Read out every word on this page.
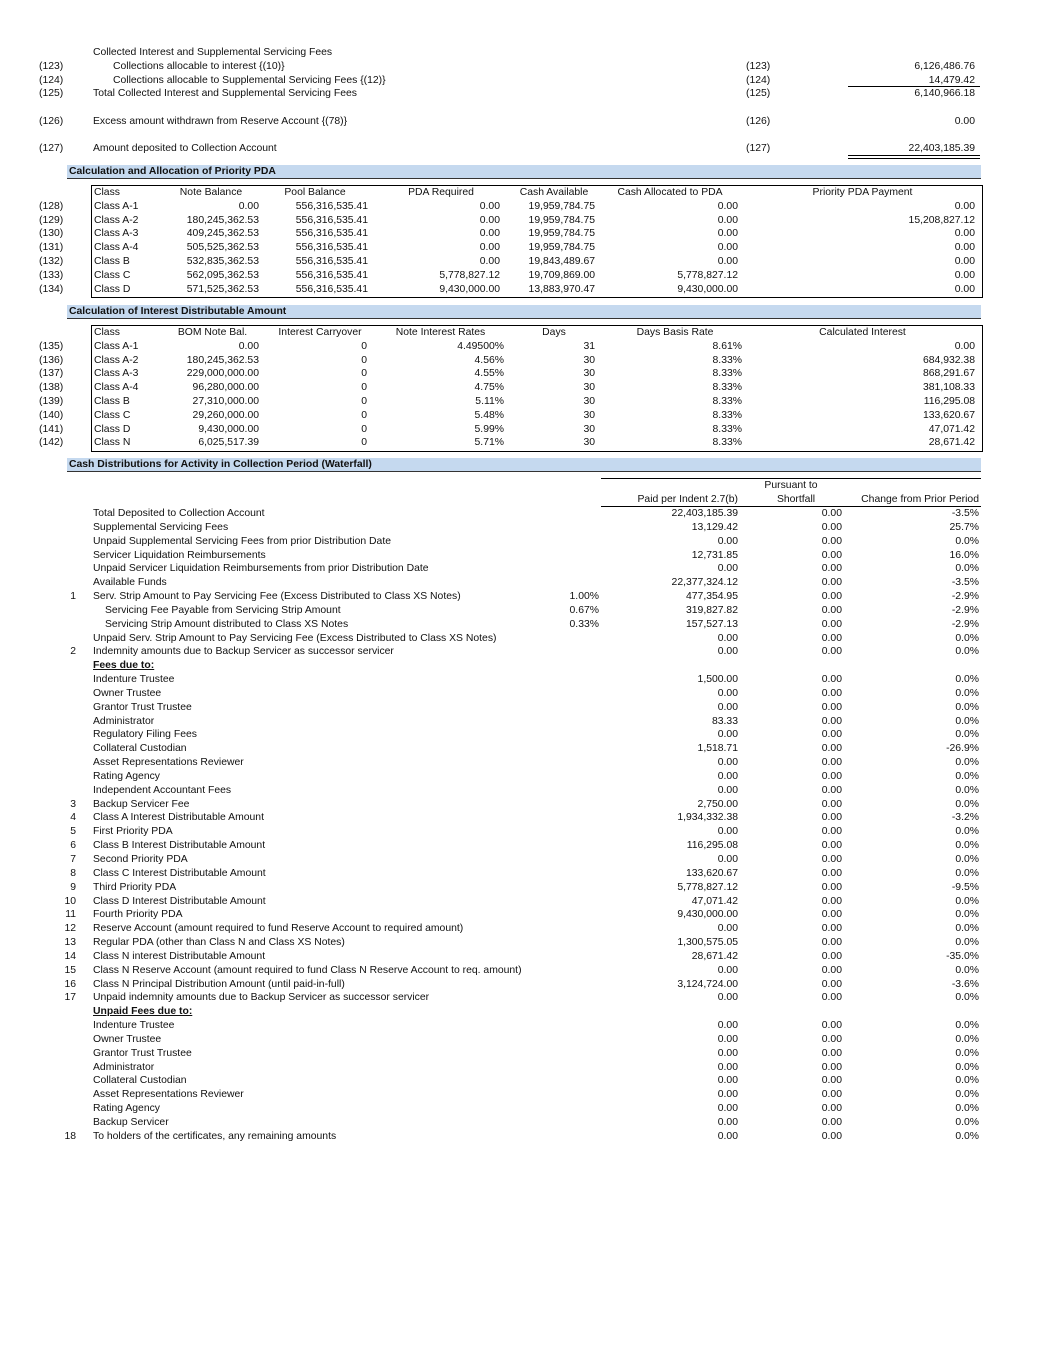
Collected Interest and Supplemental Servicing Fees
(123)	Collections allocable to interest {(10)}	(123)	6,126,486.76
(124)	Collections allocable to Supplemental Servicing Fees {(12)}	(124)	14,479.42
(125)	Total Collected Interest and Supplemental Servicing Fees	(125)	6,140,966.18
(126)	Excess amount withdrawn from Reserve Account {(78)}	(126)	0.00
(127)	Amount deposited to Collection Account	(127)	22,403,185.39
Calculation and Allocation of Priority PDA
Class	Note Balance	Pool Balance	PDA Required	Cash Available	Cash Allocated to PDA	Priority PDA Payment
(128)	Class A-1	0.00	556,316,535.41	0.00	19,959,784.75	0.00	0.00
(129)	Class A-2	180,245,362.53	556,316,535.41	0.00	19,959,784.75	0.00	15,208,827.12
(130)	Class A-3	409,245,362.53	556,316,535.41	0.00	19,959,784.75	0.00	0.00
(131)	Class A-4	505,525,362.53	556,316,535.41	0.00	19,959,784.75	0.00	0.00
(132)	Class B	532,835,362.53	556,316,535.41	0.00	19,843,489.67	0.00	0.00
(133)	Class C	562,095,362.53	556,316,535.41	5,778,827.12	19,709,869.00	5,778,827.12	0.00
(134)	Class D	571,525,362.53	556,316,535.41	9,430,000.00	13,883,970.47	9,430,000.00	0.00
Calculation of Interest Distributable Amount
Class	BOM Note Bal.	Interest Carryover	Note Interest Rates	Days	Days Basis Rate	Calculated Interest
(135)	Class A-1	0.00	0	4.49500%	31	8.61%	0.00
(136)	Class A-2	180,245,362.53	0	4.56%	30	8.33%	684,932.38
(137)	Class A-3	229,000,000.00	0	4.55%	30	8.33%	868,291.67
(138)	Class A-4	96,280,000.00	0	4.75%	30	8.33%	381,108.33
(139)	Class B	27,310,000.00	0	5.11%	30	8.33%	116,295.08
(140)	Class C	29,260,000.00	0	5.48%	30	8.33%	133,620.67
(141)	Class D	9,430,000.00	0	5.99%	30	8.33%	47,071.42
(142)	Class N	6,025,517.39	0	5.71%	30	8.33%	28,671.42
Cash Distributions for Activity in Collection Period (Waterfall)
Pursuant to
Paid per Indent 2.7(b)	Shortfall	Change from Prior Period
Total Deposited to Collection Account	22,403,185.39	0.00	-3.5%
Supplemental Servicing Fees	13,129.42	0.00	25.7%
Unpaid Supplemental Servicing Fees from prior Distribution Date	0.00	0.00	0.0%
Servicer Liquidation Reimbursements	12,731.85	0.00	16.0%
Unpaid Servicer Liquidation Reimbursements from prior Distribution Date	0.00	0.00	0.0%
Available Funds	22,377,324.12	0.00	-3.5%
1 Serv. Strip Amount to Pay Servicing Fee (Excess Distributed to Class XS Notes)	1.00%	477,354.95	0.00	-2.9%
Servicing Fee Payable from Servicing Strip Amount	0.67%	319,827.82	0.00	-2.9%
Servicing Strip Amount distributed to Class XS Notes	0.33%	157,527.13	0.00	-2.9%
Unpaid Serv. Strip Amount to Pay Servicing Fee (Excess Distributed to Class XS Notes)	0.00	0.00	0.0%
2 Indemnity amounts due to Backup Servicer as successor servicer	0.00	0.00	0.0%
Fees due to:
Indenture Trustee	1,500.00	0.00	0.0%
Owner Trustee	0.00	0.00	0.0%
Grantor Trust Trustee	0.00	0.00	0.0%
Administrator	83.33	0.00	0.0%
Regulatory Filing Fees	0.00	0.00	0.0%
Collateral Custodian	1,518.71	0.00	-26.9%
Asset Representations Reviewer	0.00	0.00	0.0%
Rating Agency	0.00	0.00	0.0%
Independent Accountant Fees	0.00	0.00	0.0%
3 Backup Servicer Fee	2,750.00	0.00	0.0%
4 Class A Interest Distributable Amount	1,934,332.38	0.00	-3.2%
5 First Priority PDA	0.00	0.00	0.0%
6 Class B Interest Distributable Amount	116,295.08	0.00	0.0%
7 Second Priority PDA	0.00	0.00	0.0%
8 Class C Interest Distributable Amount	133,620.67	0.00	0.0%
9 Third Priority PDA	5,778,827.12	0.00	-9.5%
10 Class D Interest Distributable Amount	47,071.42	0.00	0.0%
11 Fourth Priority PDA	9,430,000.00	0.00	0.0%
12 Reserve Account (amount required to fund Reserve Account to required amount)	0.00	0.00	0.0%
13 Regular PDA (other than Class N and Class XS Notes)	1,300,575.05	0.00	0.0%
14 Class N interest Distributable Amount	28,671.42	0.00	-35.0%
15 Class N Reserve Account (amount required to fund Class N Reserve Account to req. amount)	0.00	0.00	0.0%
16 Class N Principal Distribution Amount (until paid-in-full)	3,124,724.00	0.00	-3.6%
17 Unpaid indemnity amounts due to Backup Servicer as successor servicer	0.00	0.00	0.0%
Unpaid Fees due to:
Indenture Trustee	0.00	0.00	0.0%
Owner Trustee	0.00	0.00	0.0%
Grantor Trust Trustee	0.00	0.00	0.0%
Administrator	0.00	0.00	0.0%
Collateral Custodian	0.00	0.00	0.0%
Asset Representations Reviewer	0.00	0.00	0.0%
Rating Agency	0.00	0.00	0.0%
Backup Servicer	0.00	0.00	0.0%
18 To holders of the certificates, any remaining amounts	0.00	0.00	0.0%
